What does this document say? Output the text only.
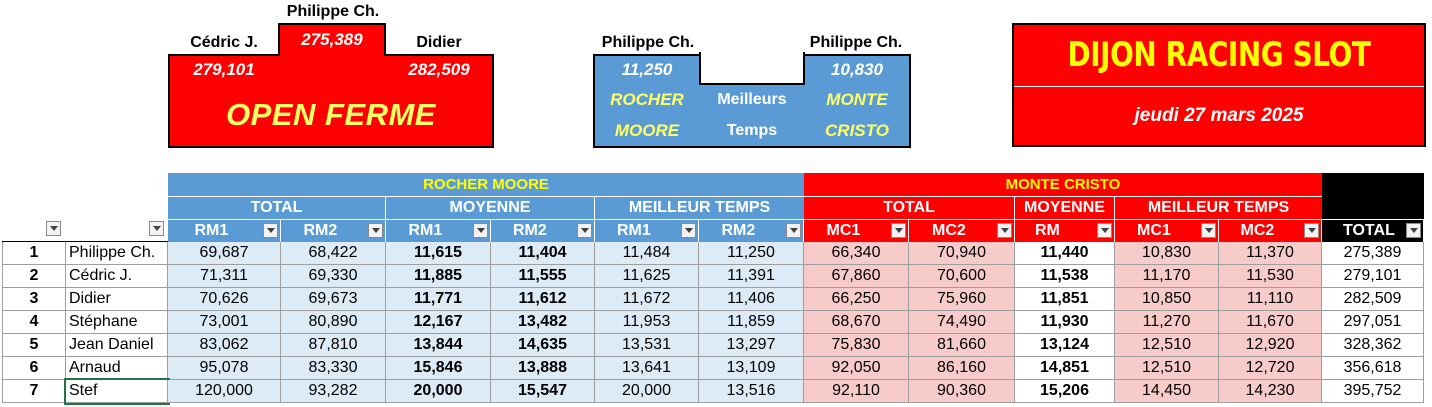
Philippe Ch.
275,389
Cédric J.
279,101
Didier
282,509
OPEN FERME
Philippe Ch.
11,250
ROCHER
MOORE
Meilleurs
Temps
Philippe Ch.
10,830
MONTE
CRISTO
DIJON RACING SLOT
jeudi 27 mars 2025
ROCHER MOORE	MONTE CRISTO
TOTAL	MOYENNE	MEILLEUR TEMPS	TOTAL	MOYENNE	MEILLEUR TEMPS
RM1	RM2	RM1	RM2	RM1	RM2	MC1	MC2	RM	MC1	MC2	TOTAL
1	Philippe Ch.	69,687	68,422	11,615	11,404	11,484	11,250	66,340	70,940	11,440	10,830	11,370	275,389
2	Cédric J.	71,311	69,330	11,885	11,555	11,625	11,391	67,860	70,600	11,538	11,170	11,530	279,101
3	Didier	70,626	69,673	11,771	11,612	11,672	11,406	66,250	75,960	11,851	10,850	11,110	282,509
4	Stéphane	73,001	80,890	12,167	13,482	11,953	11,859	68,670	74,490	11,930	11,270	11,670	297,051
5	Jean Daniel	83,062	87,810	13,844	14,635	13,531	13,297	75,830	81,660	13,124	12,510	12,920	328,362
6	Arnaud	95,078	83,330	15,846	13,888	13,641	13,109	92,050	86,160	14,851	12,510	12,720	356,618
7	Stef	120,000	93,282	20,000	15,547	20,000	13,516	92,110	90,360	15,206	14,450	14,230	395,752
